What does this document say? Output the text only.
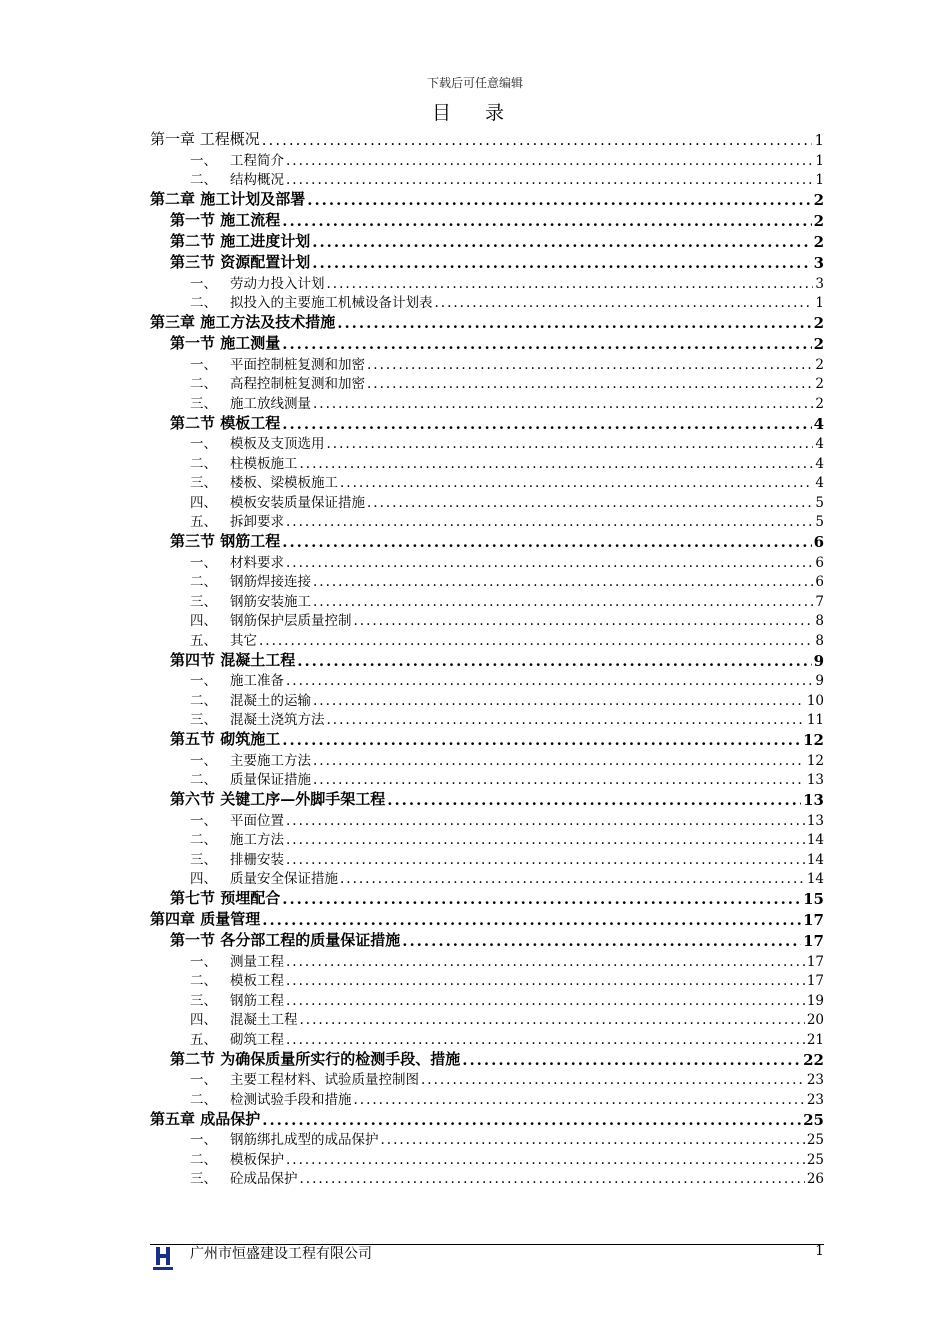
下载后可任意编辑
目 录
第一章 工程概况 .....	1
一、 工程简介 .....	1
二、 结构概况 .....	1
第二章 施工计划及部署 .....	2
第一节 施工流程 .....	2
第二节 施工进度计划 .....	2
第三节 资源配置计划 .....	3
一、 劳动力投入计划 .....	3
二、 拟投入的主要施工机械设备计划表 .....	1
第三章 施工方法及技术措施 .....	2
第一节 施工测量 .....	2
一、 平面控制桩复测和加密 .....	2
二、 高程控制桩复测和加密 .....	2
三、 施工放线测量 .....	2
第二节 模板工程 .....	4
一、 模板及支顶选用 .....	4
二、 柱模板施工 .....	4
三、 楼板、梁模板施工 .....	4
四、 模板安装质量保证措施 .....	5
五、 拆卸要求 .....	5
第三节 钢筋工程 .....	6
一、 材料要求 .....	6
二、 钢筋焊接连接 .....	6
三、 钢筋安装施工 .....	7
四、 钢筋保护层质量控制 .....	8
五、 其它 .....	8
第四节 混凝土工程 .....	9
一、 施工准备 .....	9
二、 混凝土的运输 .....	10
三、 混凝土浇筑方法 .....	11
第五节 砌筑施工 .....	12
一、 主要施工方法 .....	12
二、 质量保证措施 .....	13
第六节 关键工序—外脚手架工程 .....	13
一、 平面位置 .....	13
二、 施工方法 .....	14
三、 排栅安装 .....	14
四、 质量安全保证措施 .....	14
第七节 预埋配合 .....	15
第四章 质量管理 .....	17
第一节 各分部工程的质量保证措施 .....	17
一、 测量工程 .....	17
二、 模板工程 .....	17
三、 钢筋工程 .....	19
四、 混凝土工程 .....	20
五、 砌筑工程 .....	21
第二节 为确保质量所实行的检测手段、措施 .....	22
一、 主要工程材料、试验质量控制图 .....	23
二、 检测试验手段和措施 .....	23
第五章 成品保护 .....	25
一、 钢筋绑扎成型的成品保护 .....	25
二、 模板保护 .....	25
三、 砼成品保护 .....	26
广州市恒盛建设工程有限公司	1
